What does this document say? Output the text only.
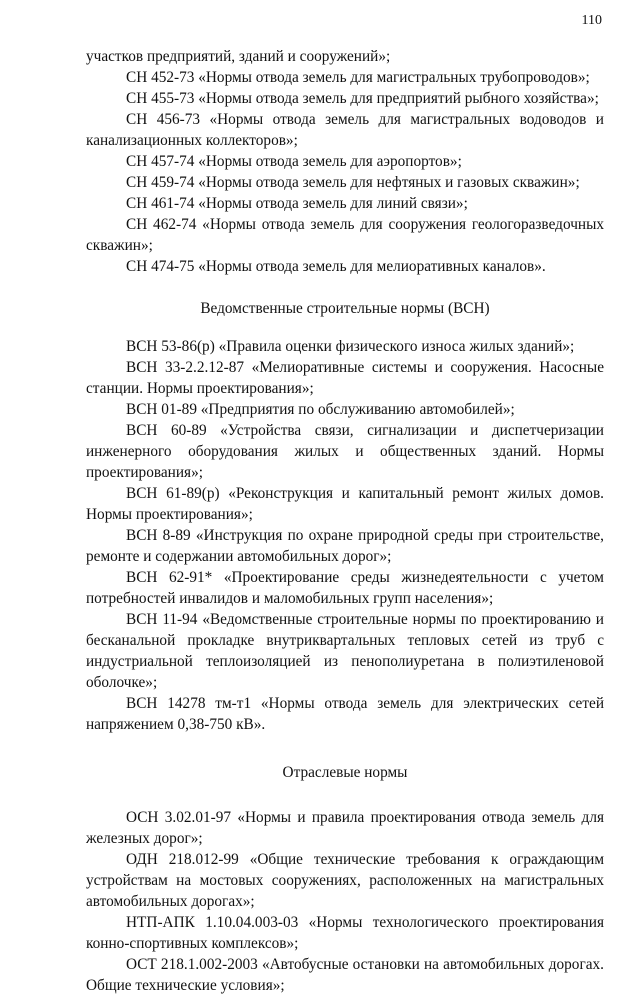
110

участков предприятий, зданий и сооружений»;

СН 452-73 «Нормы отвода земель для магистральных трубопроводов»;

СН 455-73 «Нормы отвода земель для предприятий рыбного хозяйства»;

СН 456-73 «Нормы отвода земель для магистральных водоводов и канализационных коллекторов»;

СН 457-74 «Нормы отвода земель для аэропортов»;

СН 459-74 «Нормы отвода земель для нефтяных и газовых скважин»;

СН 461-74 «Нормы отвода земель для линий связи»;

СН 462-74 «Нормы отвода земель для сооружения геологоразведочных скважин»;

СН 474-75 «Нормы отвода земель для мелиоративных каналов».

Ведомственные строительные нормы (ВСН)

ВСН 53-86(р) «Правила оценки физического износа жилых зданий»;

ВСН 33-2.2.12-87 «Мелиоративные системы и сооружения. Насосные станции. Нормы проектирования»;

ВСН 01-89 «Предприятия по обслуживанию автомобилей»;

ВСН 60-89 «Устройства связи, сигнализации и диспетчеризации инженерного оборудования жилых и общественных зданий. Нормы проектирования»;

ВСН 61-89(р) «Реконструкция и капитальный ремонт жилых домов. Нормы проектирования»;

ВСН 8-89 «Инструкция по охране природной среды при строительстве, ремонте и содержании автомобильных дорог»;

ВСН 62-91* «Проектирование среды жизнедеятельности с учетом потребностей инвалидов и маломобильных групп населения»;

ВСН 11-94 «Ведомственные строительные нормы по проектированию и бесканальной прокладке внутриквартальных тепловых сетей из труб с индустриальной теплоизоляцией из пенополиуретана в полиэтиленовой оболочке»;

ВСН 14278 тм-т1 «Нормы отвода земель для электрических сетей напряжением 0,38-750 кВ».

Отраслевые нормы

ОСН 3.02.01-97 «Нормы и правила проектирования отвода земель для железных дорог»;

ОДН 218.012-99 «Общие технические требования к ограждающим устройствам на мостовых сооружениях, расположенных на магистральных автомобильных дорогах»;

НТП-АПК 1.10.04.003-03 «Нормы технологического проектирования конно-спортивных комплексов»;

ОСТ 218.1.002-2003 «Автобусные остановки на автомобильных дорогах. Общие технические условия»;
